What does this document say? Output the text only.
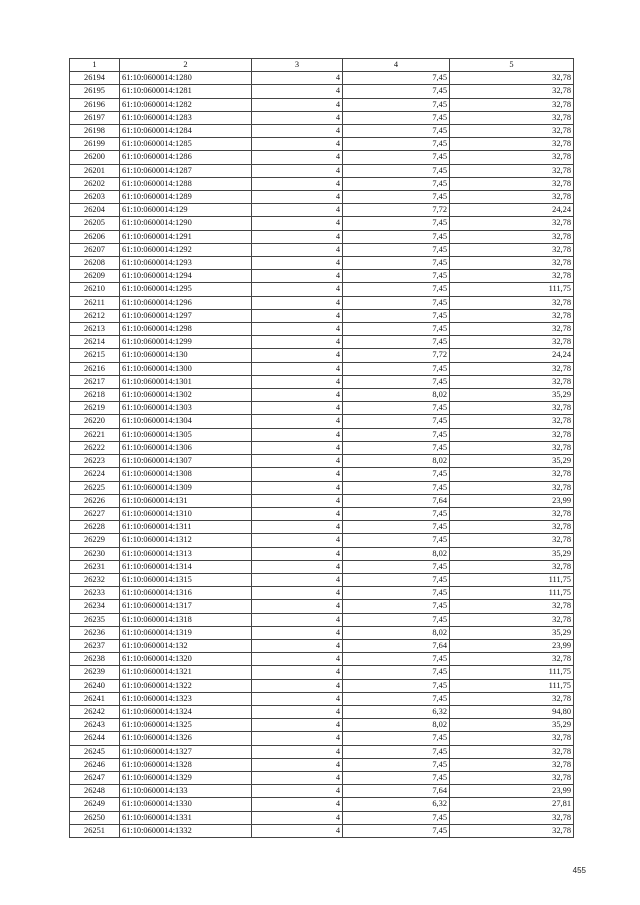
1	2	3	4	5
26194	61:10:0600014:1280	4	7,45	32,78
26195	61:10:0600014:1281	4	7,45	32,78
26196	61:10:0600014:1282	4	7,45	32,78
26197	61:10:0600014:1283	4	7,45	32,78
26198	61:10:0600014:1284	4	7,45	32,78
26199	61:10:0600014:1285	4	7,45	32,78
26200	61:10:0600014:1286	4	7,45	32,78
26201	61:10:0600014:1287	4	7,45	32,78
26202	61:10:0600014:1288	4	7,45	32,78
26203	61:10:0600014:1289	4	7,45	32,78
26204	61:10:0600014:129	4	7,72	24,24
26205	61:10:0600014:1290	4	7,45	32,78
26206	61:10:0600014:1291	4	7,45	32,78
26207	61:10:0600014:1292	4	7,45	32,78
26208	61:10:0600014:1293	4	7,45	32,78
26209	61:10:0600014:1294	4	7,45	32,78
26210	61:10:0600014:1295	4	7,45	111,75
26211	61:10:0600014:1296	4	7,45	32,78
26212	61:10:0600014:1297	4	7,45	32,78
26213	61:10:0600014:1298	4	7,45	32,78
26214	61:10:0600014:1299	4	7,45	32,78
26215	61:10:0600014:130	4	7,72	24,24
26216	61:10:0600014:1300	4	7,45	32,78
26217	61:10:0600014:1301	4	7,45	32,78
26218	61:10:0600014:1302	4	8,02	35,29
26219	61:10:0600014:1303	4	7,45	32,78
26220	61:10:0600014:1304	4	7,45	32,78
26221	61:10:0600014:1305	4	7,45	32,78
26222	61:10:0600014:1306	4	7,45	32,78
26223	61:10:0600014:1307	4	8,02	35,29
26224	61:10:0600014:1308	4	7,45	32,78
26225	61:10:0600014:1309	4	7,45	32,78
26226	61:10:0600014:131	4	7,64	23,99
26227	61:10:0600014:1310	4	7,45	32,78
26228	61:10:0600014:1311	4	7,45	32,78
26229	61:10:0600014:1312	4	7,45	32,78
26230	61:10:0600014:1313	4	8,02	35,29
26231	61:10:0600014:1314	4	7,45	32,78
26232	61:10:0600014:1315	4	7,45	111,75
26233	61:10:0600014:1316	4	7,45	111,75
26234	61:10:0600014:1317	4	7,45	32,78
26235	61:10:0600014:1318	4	7,45	32,78
26236	61:10:0600014:1319	4	8,02	35,29
26237	61:10:0600014:132	4	7,64	23,99
26238	61:10:0600014:1320	4	7,45	32,78
26239	61:10:0600014:1321	4	7,45	111,75
26240	61:10:0600014:1322	4	7,45	111,75
26241	61:10:0600014:1323	4	7,45	32,78
26242	61:10:0600014:1324	4	6,32	94,80
26243	61:10:0600014:1325	4	8,02	35,29
26244	61:10:0600014:1326	4	7,45	32,78
26245	61:10:0600014:1327	4	7,45	32,78
26246	61:10:0600014:1328	4	7,45	32,78
26247	61:10:0600014:1329	4	7,45	32,78
26248	61:10:0600014:133	4	7,64	23,99
26249	61:10:0600014:1330	4	6,32	27,81
26250	61:10:0600014:1331	4	7,45	32,78
26251	61:10:0600014:1332	4	7,45	32,78
455
